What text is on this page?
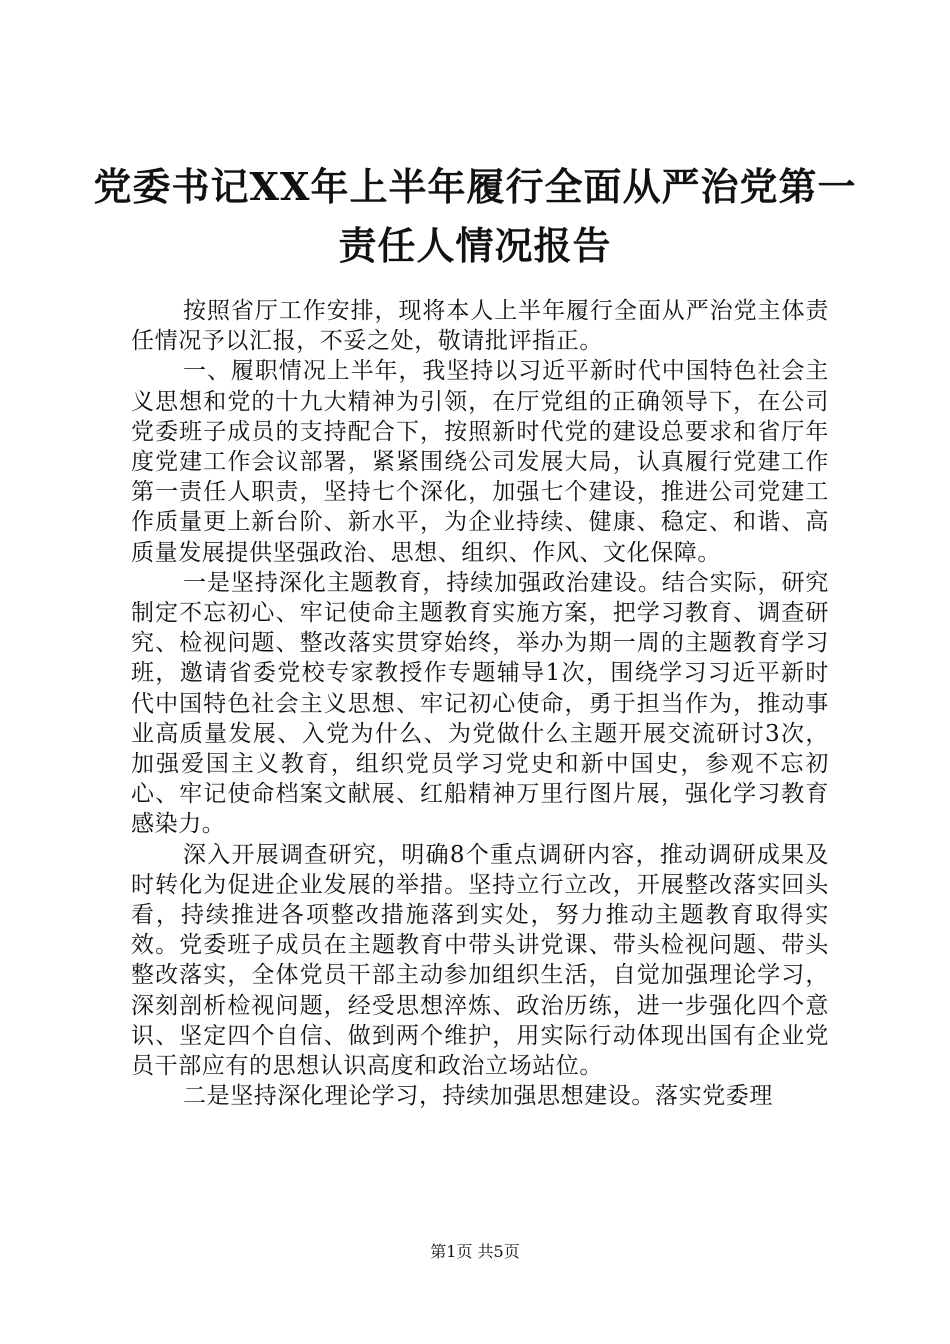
党委书记XX年上半年履行全面从严治党第一
责任人情况报告

按照省厅工作安排，现将本人上半年履行全面从严治党主体责任情况予以汇报，不妥之处，敬请批评指正。

一、履职情况上半年，我坚持以习近平新时代中国特色社会主义思想和党的十九大精神为引领，在厅党组的正确领导下，在公司党委班子成员的支持配合下，按照新时代党的建设总要求和省厅年度党建工作会议部署，紧紧围绕公司发展大局，认真履行党建工作第一责任人职责，坚持七个深化，加强七个建设，推进公司党建工作质量更上新台阶、新水平，为企业持续、健康、稳定、和谐、高质量发展提供坚强政治、思想、组织、作风、文化保障。

一是坚持深化主题教育，持续加强政治建设。结合实际，研究制定不忘初心、牢记使命主题教育实施方案，把学习教育、调查研究、检视问题、整改落实贯穿始终，举办为期一周的主题教育学习班，邀请省委党校专家教授作专题辅导1次，围绕学习习近平新时代中国特色社会主义思想、牢记初心使命，勇于担当作为，推动事业高质量发展、入党为什么、为党做什么主题开展交流研讨3次，加强爱国主义教育，组织党员学习党史和新中国史，参观不忘初心、牢记使命档案文献展、红船精神万里行图片展，强化学习教育感染力。

深入开展调查研究，明确8个重点调研内容，推动调研成果及时转化为促进企业发展的举措。坚持立行立改，开展整改落实回头看，持续推进各项整改措施落到实处，努力推动主题教育取得实效。党委班子成员在主题教育中带头讲党课、带头检视问题、带头整改落实，全体党员干部主动参加组织生活，自觉加强理论学习，深刻剖析检视问题，经受思想淬炼、政治历练，进一步强化四个意识、坚定四个自信、做到两个维护，用实际行动体现出国有企业党员干部应有的思想认识高度和政治立场站位。

二是坚持深化理论学习，持续加强思想建设。落实党委理

第1页 共5页
